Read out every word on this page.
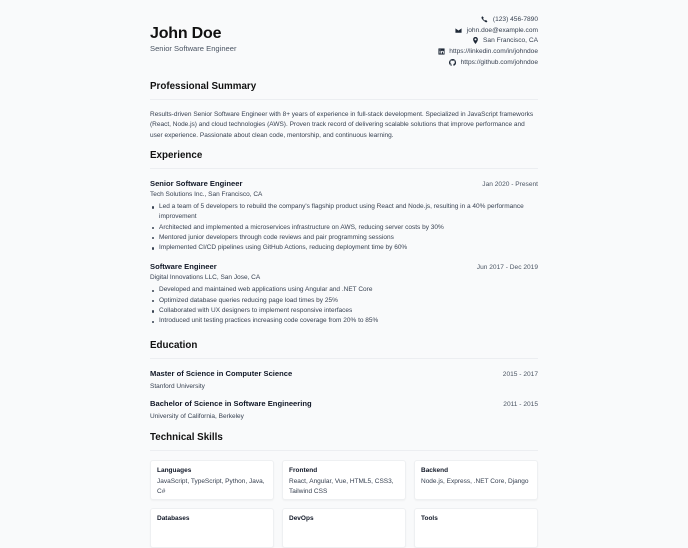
John Doe
Senior Software Engineer
(123) 456-7890
john.doe@example.com
San Francisco, CA
https://linkedin.com/in/johndoe
https://github.com/johndoe
Professional Summary

Results-driven Senior Software Engineer with 8+ years of experience in full-stack development. Specialized in JavaScript frameworks (React, Node.js) and cloud technologies (AWS). Proven track record of delivering scalable solutions that improve performance and user experience. Passionate about clean code, mentorship, and continuous learning.

Experience
Senior Software Engineer	Jan 2020 - Present
Tech Solutions Inc., San Francisco, CA
Led a team of 5 developers to rebuild the company's flagship product using React and Node.js, resulting in a 40% performance improvement
Architected and implemented a microservices infrastructure on AWS, reducing server costs by 30%
Mentored junior developers through code reviews and pair programming sessions
Implemented CI/CD pipelines using GitHub Actions, reducing deployment time by 60%
Software Engineer	Jun 2017 - Dec 2019
Digital Innovations LLC, San Jose, CA
Developed and maintained web applications using Angular and .NET Core
Optimized database queries reducing page load times by 25%
Collaborated with UX designers to implement responsive interfaces
Introduced unit testing practices increasing code coverage from 20% to 85%
Education
Master of Science in Computer Science	2015 - 2017
Stanford University
Bachelor of Science in Software Engineering	2011 - 2015
University of California, Berkeley
Technical Skills
Languages
JavaScript, TypeScript, Python, Java, C#
Frontend
React, Angular, Vue, HTML5, CSS3, Tailwind CSS
Backend
Node.js, Express, .NET Core, Django
Databases	DevOps	Tools
